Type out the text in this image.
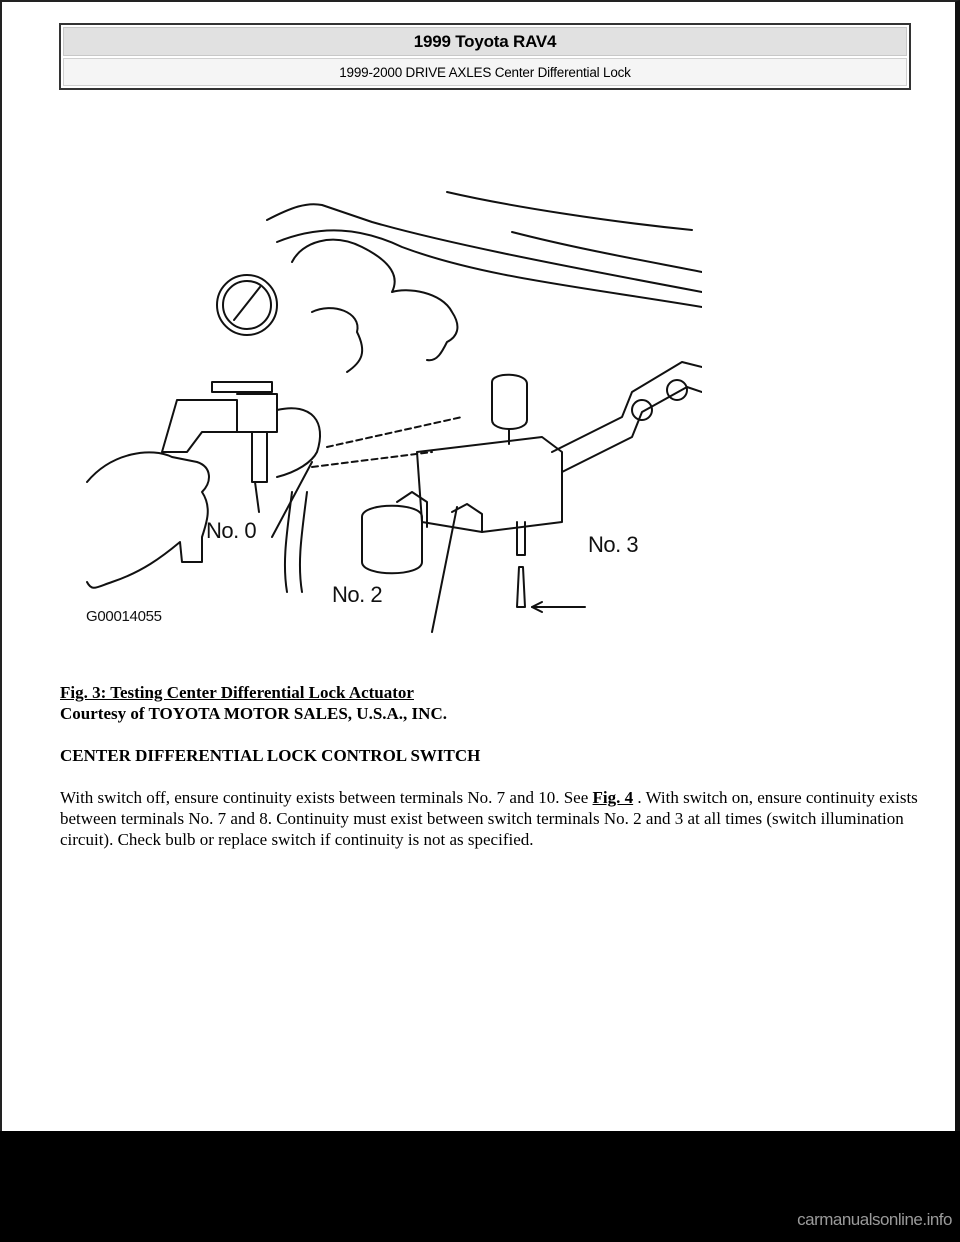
1999 Toyota RAV4
1999-2000 DRIVE AXLES Center Differential Lock
No. 0
No. 2
No. 3
G00014055
Fig. 3: Testing Center Differential Lock Actuator
Courtesy of TOYOTA MOTOR SALES, U.S.A., INC.
CENTER DIFFERENTIAL LOCK CONTROL SWITCH

With switch off, ensure continuity exists between terminals No. 7 and 10. See Fig. 4 . With switch on, ensure continuity exists between terminals No. 7 and 8. Continuity must exist between switch terminals No. 2 and 3 at all times (switch illumination circuit). Check bulb or replace switch if continuity is not as specified.

carmanualsonline.info
